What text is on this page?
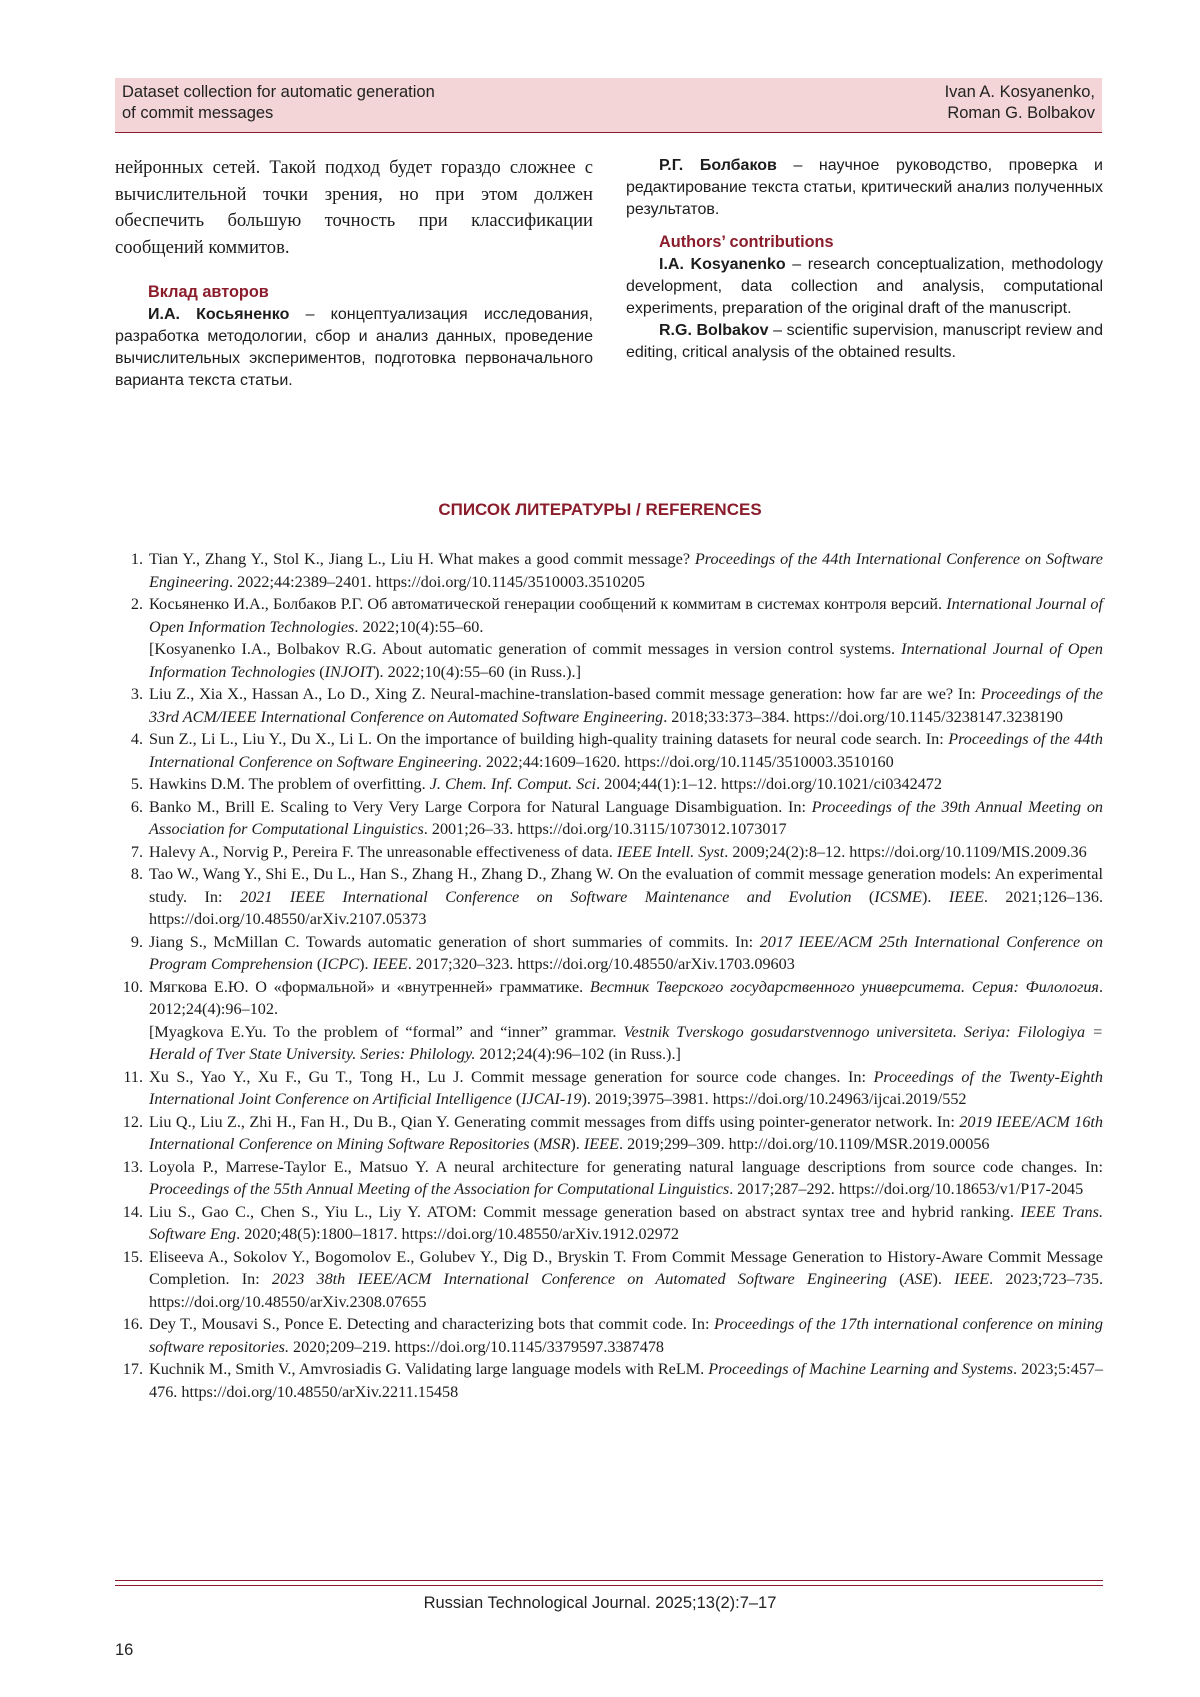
Dataset collection for automatic generation
of commit messages
Ivan A. Kosyanenko,
Roman G. Bolbakov

нейронных сетей. Такой подход будет гораздо сложнее с вычислительной точки зрения, но при этом должен обеспечить большую точность при классификации сообщений коммитов.

Вклад авторов

И.А. Косьяненко – концептуализация исследования, разработка методологии, сбор и анализ данных, проведение вычислительных экспериментов, подготовка первоначального варианта текста статьи.

Р.Г. Болбаков – научное руководство, проверка и редактирование текста статьи, критический анализ полученных результатов.

Authors’ contributions

I.A. Kosyanenko – research conceptualization, methodology development, data collection and analysis, computational experiments, preparation of the original draft of the manuscript.

R.G. Bolbakov – scientific supervision, manuscript review and editing, critical analysis of the obtained results.

СПИСОК ЛИТЕРАТУРЫ / REFERENCES
1. Tian Y., Zhang Y., Stol K., Jiang L., Liu H. What makes a good commit message? Proceedings of the 44th International Conference on Software Engineering. 2022;44:2389–2401. https://doi.org/10.1145/3510003.3510205
2. Косьяненко И.А., Болбаков Р.Г. Об автоматической генерации сообщений к коммитам в системах контроля версий. International Journal of Open Information Technologies. 2022;10(4):55–60.
[Kosyanenko I.A., Bolbakov R.G. About automatic generation of commit messages in version control systems. International Journal of Open Information Technologies (INJOIT). 2022;10(4):55–60 (in Russ.).]
3. Liu Z., Xia X., Hassan A., Lo D., Xing Z. Neural-machine-translation-based commit message generation: how far are we? In: Proceedings of the 33rd ACM/IEEE International Conference on Automated Software Engineering. 2018;33:373–384. https://doi.org/10.1145/3238147.3238190
4. Sun Z., Li L., Liu Y., Du X., Li L. On the importance of building high-quality training datasets for neural code search. In: Proceedings of the 44th International Conference on Software Engineering. 2022;44:1609–1620. https://doi.org/10.1145/3510003.3510160
5. Hawkins D.M. The problem of overfitting. J. Chem. Inf. Comput. Sci. 2004;44(1):1–12. https://doi.org/10.1021/ci0342472
6. Banko M., Brill E. Scaling to Very Very Large Corpora for Natural Language Disambiguation. In: Proceedings of the 39th Annual Meeting on Association for Computational Linguistics. 2001;26–33. https://doi.org/10.3115/1073012.1073017
7. Halevy A., Norvig P., Pereira F. The unreasonable effectiveness of data. IEEE Intell. Syst. 2009;24(2):8–12. https://doi.org/10.1109/MIS.2009.36
8. Tao W., Wang Y., Shi E., Du L., Han S., Zhang H., Zhang D., Zhang W. On the evaluation of commit message generation models: An experimental study. In: 2021 IEEE International Conference on Software Maintenance and Evolution (ICSME). IEEE. 2021;126–136. https://doi.org/10.48550/arXiv.2107.05373
9. Jiang S., McMillan C. Towards automatic generation of short summaries of commits. In: 2017 IEEE/ACM 25th International Conference on Program Comprehension (ICPC). IEEE. 2017;320–323. https://doi.org/10.48550/arXiv.1703.09603
10. Мягкова Е.Ю. О «формальной» и «внутренней» грамматике. Вестник Тверского государственного университета. Серия: Филология. 2012;24(4):96–102.
[Myagkova E.Yu. To the problem of “formal” and “inner” grammar. Vestnik Tverskogo gosudarstvennogo universiteta. Seriya: Filologiya = Herald of Tver State University. Series: Philology. 2012;24(4):96–102 (in Russ.).]
11. Xu S., Yao Y., Xu F., Gu T., Tong H., Lu J. Commit message generation for source code changes. In: Proceedings of the Twenty-Eighth International Joint Conference on Artificial Intelligence (IJCAI-19). 2019;3975–3981. https://doi.org/10.24963/ijcai.2019/552
12. Liu Q., Liu Z., Zhi H., Fan H., Du B., Qian Y. Generating commit messages from diffs using pointer-generator network. In: 2019 IEEE/ACM 16th International Conference on Mining Software Repositories (MSR). IEEE. 2019;299–309. http://doi.org/10.1109/MSR.2019.00056
13. Loyola P., Marrese-Taylor E., Matsuo Y. A neural architecture for generating natural language descriptions from source code changes. In: Proceedings of the 55th Annual Meeting of the Association for Computational Linguistics. 2017;287–292. https://doi.org/10.18653/v1/P17-2045
14. Liu S., Gao C., Chen S., Yiu L., Liy Y. ATOM: Commit message generation based on abstract syntax tree and hybrid ranking. IEEE Trans. Software Eng. 2020;48(5):1800–1817. https://doi.org/10.48550/arXiv.1912.02972
15. Eliseeva A., Sokolov Y., Bogomolov E., Golubev Y., Dig D., Bryskin T. From Commit Message Generation to History-Aware Commit Message Completion. In: 2023 38th IEEE/ACM International Conference on Automated Software Engineering (ASE). IEEE. 2023;723–735. https://doi.org/10.48550/arXiv.2308.07655
16. Dey T., Mousavi S., Ponce E. Detecting and characterizing bots that commit code. In: Proceedings of the 17th international conference on mining software repositories. 2020;209–219. https://doi.org/10.1145/3379597.3387478
17. Kuchnik M., Smith V., Amvrosiadis G. Validating large language models with ReLM. Proceedings of Machine Learning and Systems. 2023;5:457–476. https://doi.org/10.48550/arXiv.2211.15458
Russian Technological Journal. 2025;13(2):7–17
16
